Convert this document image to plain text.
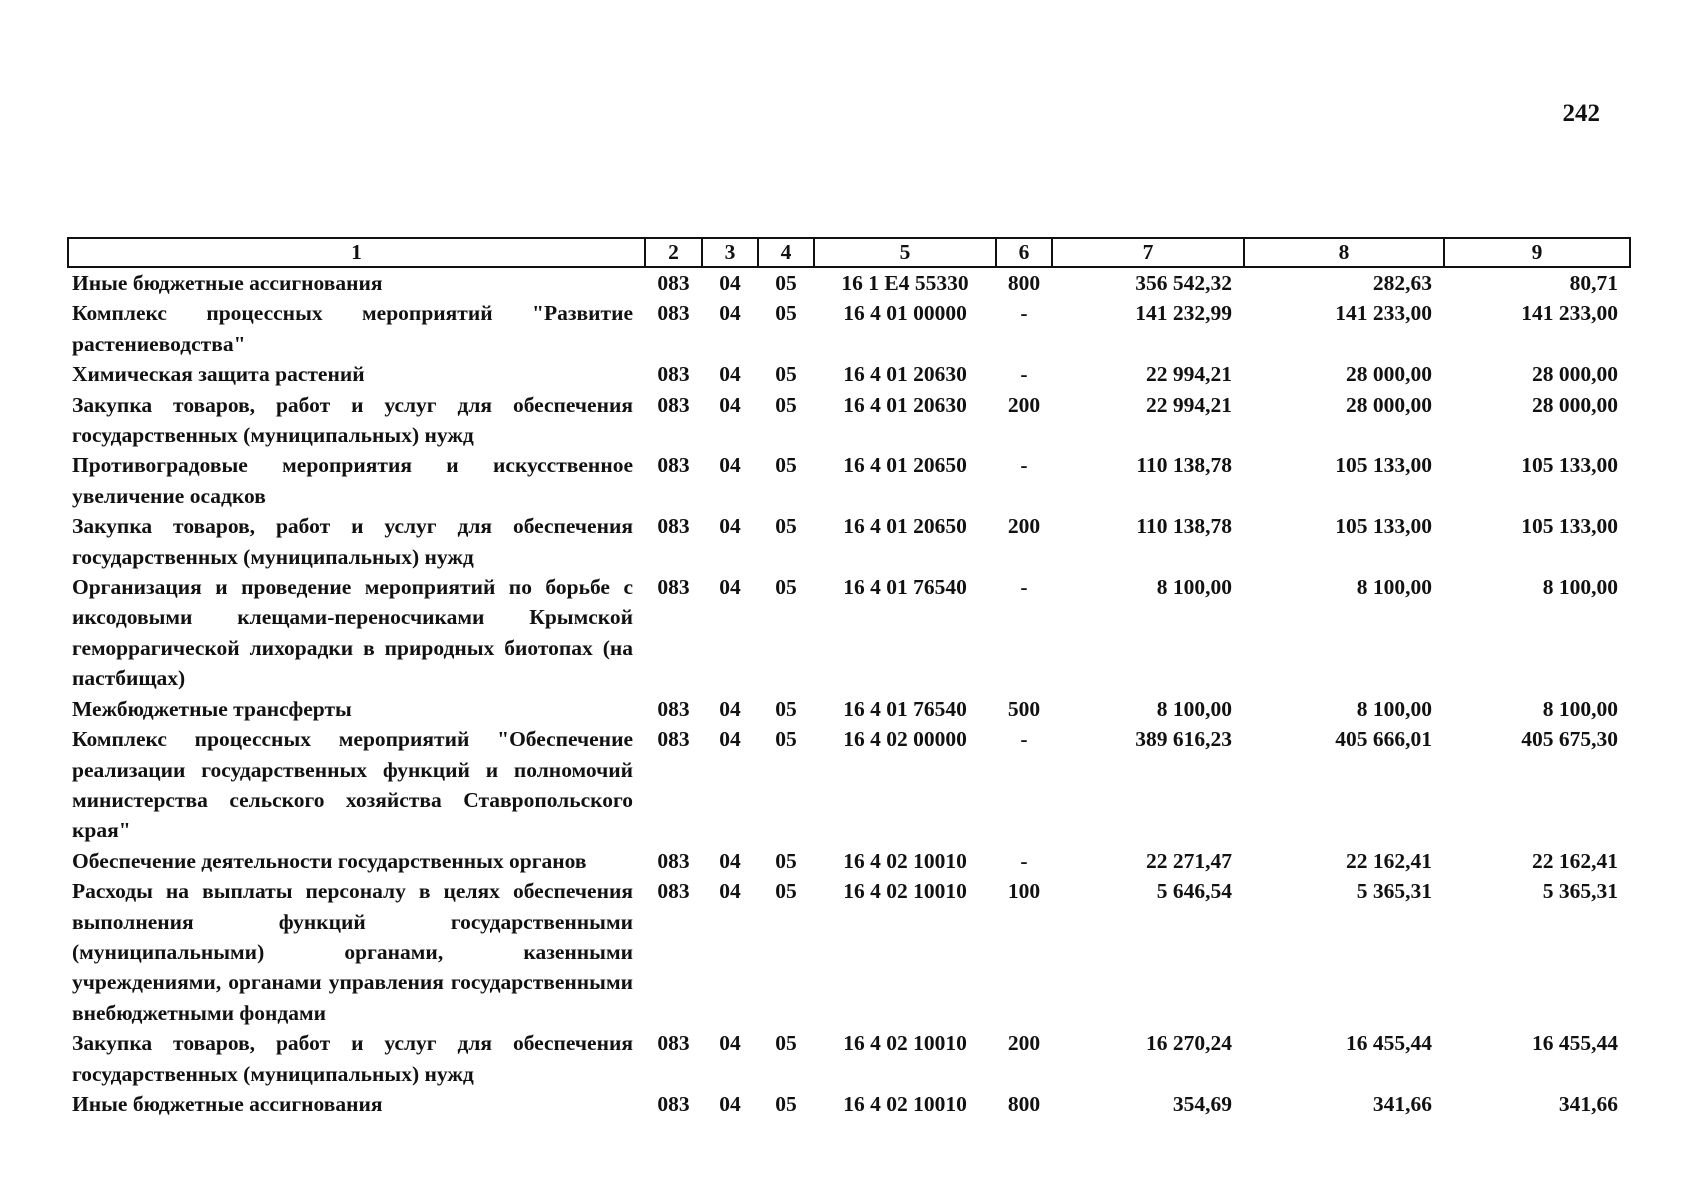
242
1	2	3	4	5	6	7	8	9
Иные бюджетные ассигнования	083	04	05	16 1 E4 55330	800	356 542,32	282,63	80,71
Комплекс процессных мероприятий "Развитие растениеводства"	083	04	05	16 4 01 00000	-	141 232,99	141 233,00	141 233,00
Химическая защита растений	083	04	05	16 4 01 20630	-	22 994,21	28 000,00	28 000,00
Закупка товаров, работ и услуг для обеспечения государственных (муниципальных) нужд	083	04	05	16 4 01 20630	200	22 994,21	28 000,00	28 000,00
Противоградовые мероприятия и искусственное увеличение осадков	083	04	05	16 4 01 20650	-	110 138,78	105 133,00	105 133,00
Закупка товаров, работ и услуг для обеспечения государственных (муниципальных) нужд	083	04	05	16 4 01 20650	200	110 138,78	105 133,00	105 133,00
Организация и проведение мероприятий по борьбе с иксодовыми клещами-переносчиками Крымской геморрагической лихорадки в природных биотопах (на пастбищах)	083	04	05	16 4 01 76540	-	8 100,00	8 100,00	8 100,00
Межбюджетные трансферты	083	04	05	16 4 01 76540	500	8 100,00	8 100,00	8 100,00
Комплекс процессных мероприятий "Обеспечение реализации государственных функций и полномочий министерства сельского хозяйства Ставропольского края"	083	04	05	16 4 02 00000	-	389 616,23	405 666,01	405 675,30
Обеспечение деятельности государственных органов	083	04	05	16 4 02 10010	-	22 271,47	22 162,41	22 162,41
Расходы на выплаты персоналу в целях обеспечения выполнения функций государственными (муниципальными) органами, казенными учреждениями, органами управления государственными внебюджетными фондами	083	04	05	16 4 02 10010	100	5 646,54	5 365,31	5 365,31
Закупка товаров, работ и услуг для обеспечения государственных (муниципальных) нужд	083	04	05	16 4 02 10010	200	16 270,24	16 455,44	16 455,44
Иные бюджетные ассигнования	083	04	05	16 4 02 10010	800	354,69	341,66	341,66
